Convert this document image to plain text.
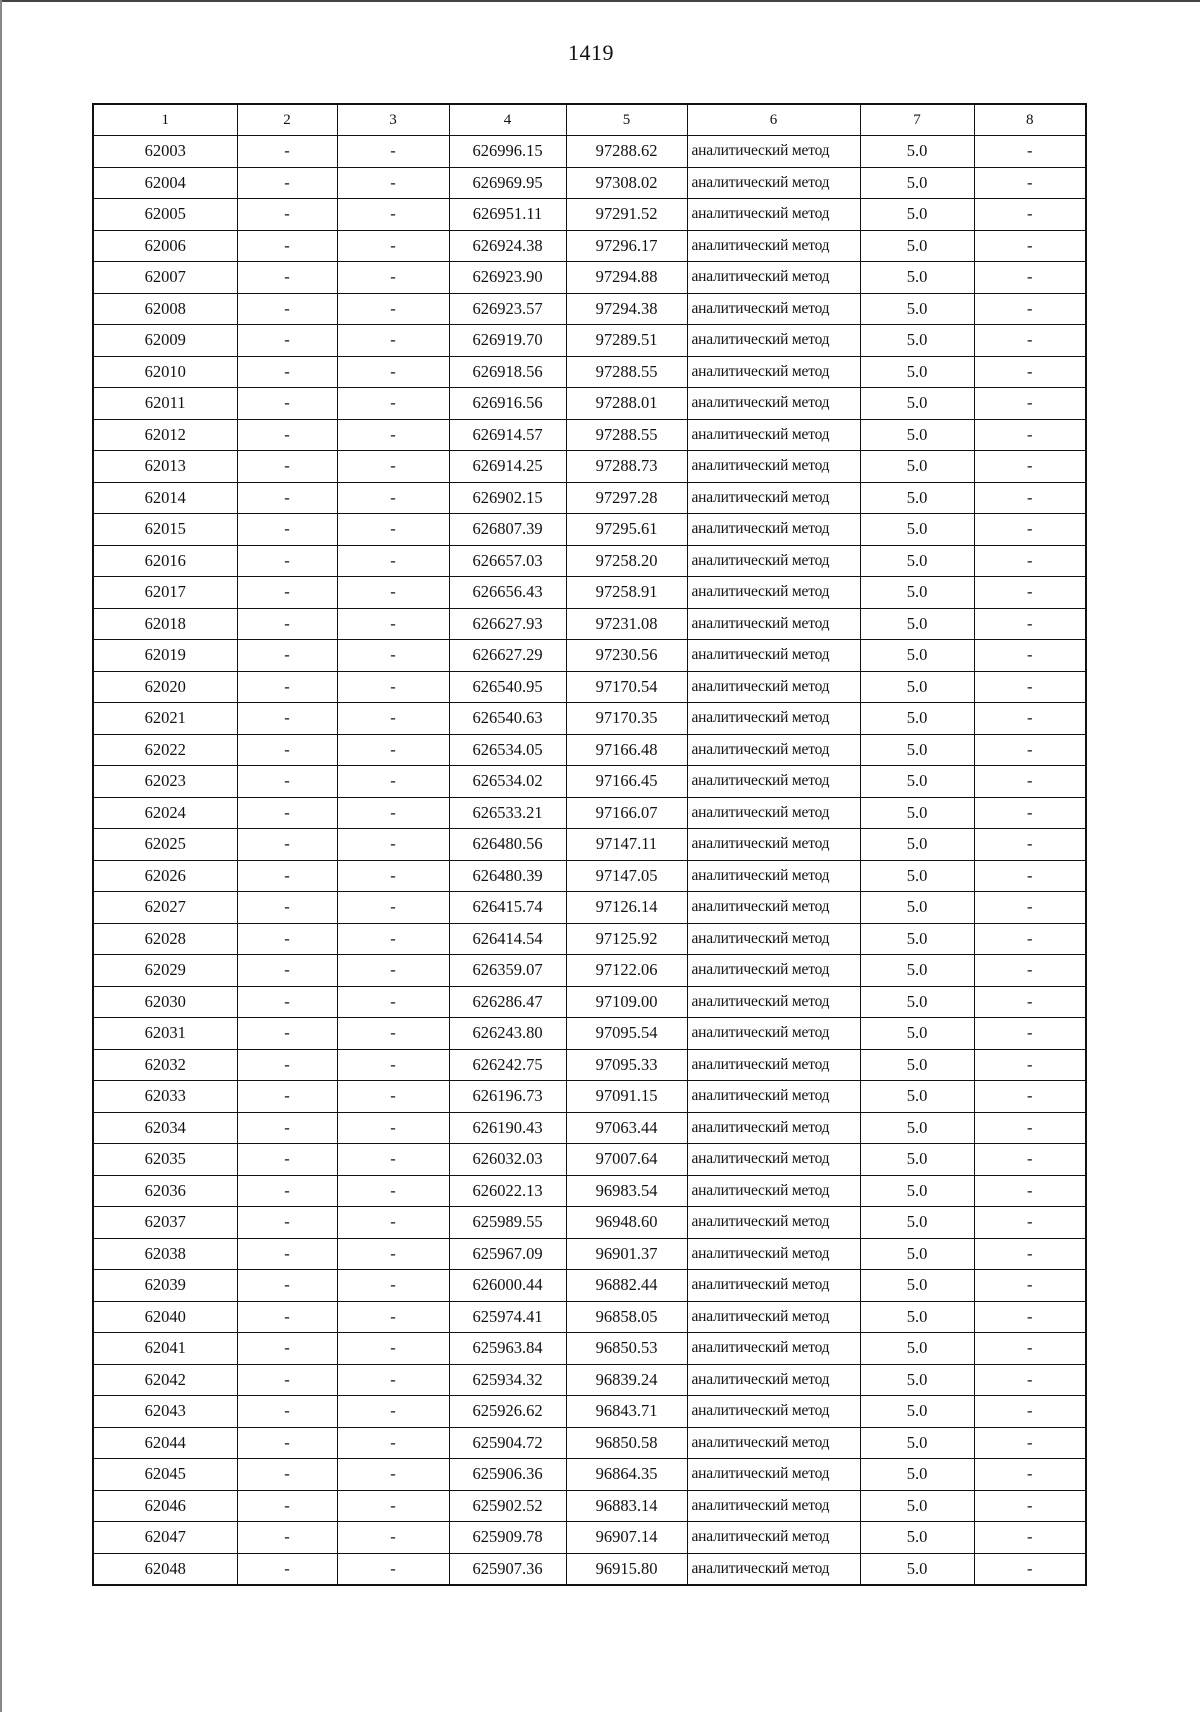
1419
1	2	3	4	5	6	7	8
62003	-	-	626996.15	97288.62	аналитический метод	5.0	-
62004	-	-	626969.95	97308.02	аналитический метод	5.0	-
62005	-	-	626951.11	97291.52	аналитический метод	5.0	-
62006	-	-	626924.38	97296.17	аналитический метод	5.0	-
62007	-	-	626923.90	97294.88	аналитический метод	5.0	-
62008	-	-	626923.57	97294.38	аналитический метод	5.0	-
62009	-	-	626919.70	97289.51	аналитический метод	5.0	-
62010	-	-	626918.56	97288.55	аналитический метод	5.0	-
62011	-	-	626916.56	97288.01	аналитический метод	5.0	-
62012	-	-	626914.57	97288.55	аналитический метод	5.0	-
62013	-	-	626914.25	97288.73	аналитический метод	5.0	-
62014	-	-	626902.15	97297.28	аналитический метод	5.0	-
62015	-	-	626807.39	97295.61	аналитический метод	5.0	-
62016	-	-	626657.03	97258.20	аналитический метод	5.0	-
62017	-	-	626656.43	97258.91	аналитический метод	5.0	-
62018	-	-	626627.93	97231.08	аналитический метод	5.0	-
62019	-	-	626627.29	97230.56	аналитический метод	5.0	-
62020	-	-	626540.95	97170.54	аналитический метод	5.0	-
62021	-	-	626540.63	97170.35	аналитический метод	5.0	-
62022	-	-	626534.05	97166.48	аналитический метод	5.0	-
62023	-	-	626534.02	97166.45	аналитический метод	5.0	-
62024	-	-	626533.21	97166.07	аналитический метод	5.0	-
62025	-	-	626480.56	97147.11	аналитический метод	5.0	-
62026	-	-	626480.39	97147.05	аналитический метод	5.0	-
62027	-	-	626415.74	97126.14	аналитический метод	5.0	-
62028	-	-	626414.54	97125.92	аналитический метод	5.0	-
62029	-	-	626359.07	97122.06	аналитический метод	5.0	-
62030	-	-	626286.47	97109.00	аналитический метод	5.0	-
62031	-	-	626243.80	97095.54	аналитический метод	5.0	-
62032	-	-	626242.75	97095.33	аналитический метод	5.0	-
62033	-	-	626196.73	97091.15	аналитический метод	5.0	-
62034	-	-	626190.43	97063.44	аналитический метод	5.0	-
62035	-	-	626032.03	97007.64	аналитический метод	5.0	-
62036	-	-	626022.13	96983.54	аналитический метод	5.0	-
62037	-	-	625989.55	96948.60	аналитический метод	5.0	-
62038	-	-	625967.09	96901.37	аналитический метод	5.0	-
62039	-	-	626000.44	96882.44	аналитический метод	5.0	-
62040	-	-	625974.41	96858.05	аналитический метод	5.0	-
62041	-	-	625963.84	96850.53	аналитический метод	5.0	-
62042	-	-	625934.32	96839.24	аналитический метод	5.0	-
62043	-	-	625926.62	96843.71	аналитический метод	5.0	-
62044	-	-	625904.72	96850.58	аналитический метод	5.0	-
62045	-	-	625906.36	96864.35	аналитический метод	5.0	-
62046	-	-	625902.52	96883.14	аналитический метод	5.0	-
62047	-	-	625909.78	96907.14	аналитический метод	5.0	-
62048	-	-	625907.36	96915.80	аналитический метод	5.0	-
